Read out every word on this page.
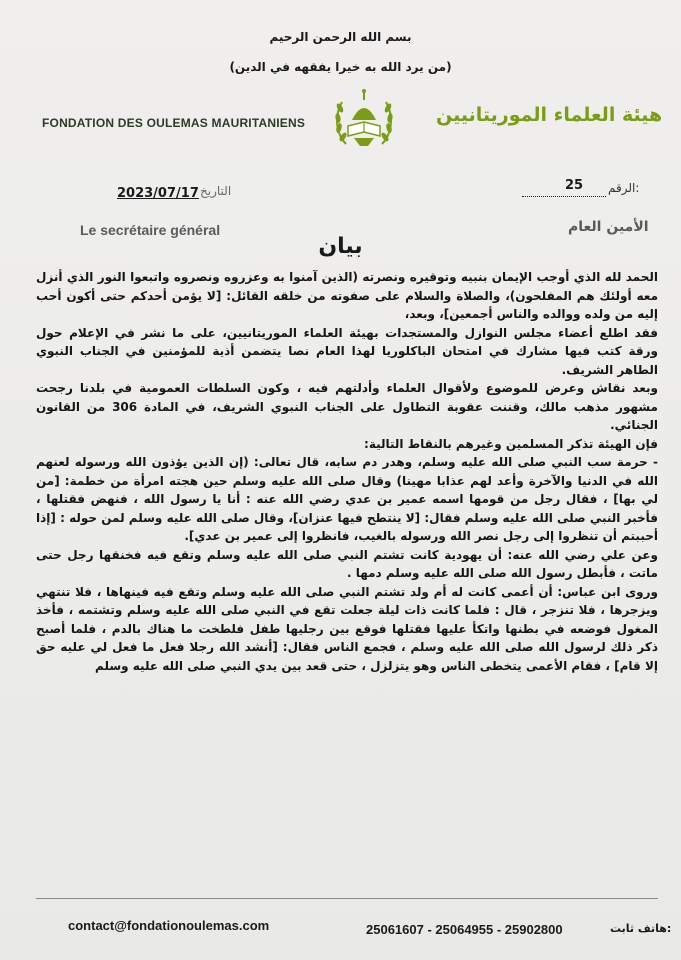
بسم الله الرحمن الرحيم
(من يرد الله به خيرا يفقهه في الدين)
FONDATION DES OULEMAS MAURITANIENS	هيئة العلماء الموريتانيين
2023/07/17 التاريخ	25 الرقم:
Le secrétaire général	الأمين العام
بيان

الحمد لله الذي أوجب الإيمان بنبيه وتوقيره ونصرته (الذين آمنوا به وعزروه ونصروه واتبعوا النور الذي أنزل معه أولئك هم المفلحون)، والصلاة والسلام على صفوته من خلقه القائل: [لا يؤمن أحدكم حتى أكون أحب إليه من ولده ووالده والناس أجمعين]، وبعد،

فقد اطلع أعضاء مجلس النوازل والمستجدات بهيئة العلماء الموريتانيين، على ما نشر في الإعلام حول ورقة كتب فيها مشارك في امتحان الباكلوريا لهذا العام نصا يتضمن أذية للمؤمنين في الجناب النبوي الطاهر الشريف.

وبعد نقاش وعرض للموضوع ولأقوال العلماء وأدلتهم فيه ، وكون السلطات العمومية في بلدنا رجحت مشهور مذهب مالك، وقننت عقوبة التطاول على الجناب النبوي الشريف، في المادة 306 من القانون الجنائي.

فإن الهيئة تذكر المسلمين وغيرهم بالنقاط التالية:

- حرمة سب النبي صلى الله عليه وسلم، وهدر دم سابه، قال تعالى: (إن الذين يؤذون الله ورسوله لعنهم الله في الدنيا والآخرة وأعد لهم عذابا مهينا) وقال صلى الله عليه وسلم حين هجته امرأة من خطمة: [من لي بها] ، فقال رجل من قومها اسمه عمير بن عدي رضي الله عنه : أنا يا رسول الله ، فنهض فقتلها ، فأخبر النبي صلى الله عليه وسلم فقال: [لا ينتطح فيها عنزان]، وقال صلى الله عليه وسلم لمن حوله : [إذا أحببتم أن تنظروا إلى رجل نصر الله ورسوله بالغيب، فانظروا إلى عمير بن عدي].

وعن علي رضي الله عنه: أن يهودية كانت تشتم النبي صلى الله عليه وسلم وتقع فيه فخنقها رجل حتى ماتت ، فأبطل رسول الله صلى الله عليه وسلم دمها .

وروى ابن عباس: أن أعمى كانت له أم ولد تشتم النبي صلى الله عليه وسلم وتقع فيه فينهاها ، فلا تنتهي ويزجرها ، فلا تنزجر ، قال : فلما كانت ذات ليلة جعلت تقع في النبي صلى الله عليه وسلم وتشتمه ، فأخذ المغول فوضعه في بطنها واتكأ عليها فقتلها فوقع بين رجليها طفل فلطخت ما هناك بالدم ، فلما أصبح ذكر ذلك لرسول الله صلى الله عليه وسلم ، فجمع الناس فقال: [أنشد الله رجلا فعل ما فعل لي عليه حق إلا قام] ، فقام الأعمى يتخطى الناس وهو يتزلزل ، حتى قعد بين يدي النبي صلى الله عليه وسلم

contact@fondationoulemas.com	25061607 - 25064955 - 25902800	هاتف ثابت:
